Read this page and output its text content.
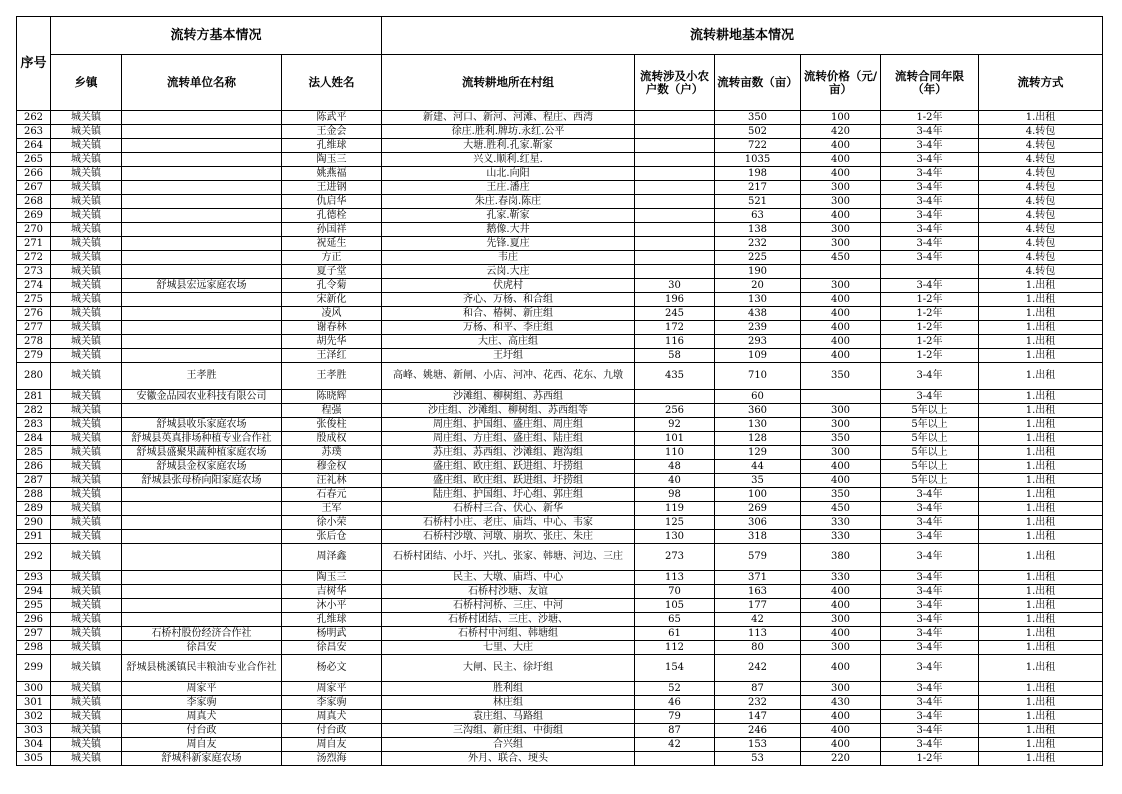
序号	流转方基本情况			流转耕地基本情况					
	乡镇	流转单位名称	法人姓名	流转耕地所在村组	流转涉及小农户数（户）	流转亩数（亩）	流转价格（元/亩）	流转合同年限（年）	流转方式
262	城关镇		陈武平	新建、河口、新河、河滩、程庄、西湾		350	100	1-2年	1.出租
263	城关镇		王金会	徐庄.胜利.牌坊.永红.公平		502	420	3-4年	4.转包
264	城关镇		孔维球	大塘.胜利.孔家.靳家		722	400	3-4年	4.转包
265	城关镇		陶玉三	兴义.顺利.红星.		1035	400	3-4年	4.转包
266	城关镇		姚燕福	山北.向阳		198	400	3-4年	4.转包
267	城关镇		王进钢	王庄.潘庄		217	300	3-4年	4.转包
268	城关镇		仇启华	朱庄.春岗.陈庄		521	300	3-4年	4.转包
269	城关镇		孔德栓	孔家.靳家		63	400	3-4年	4.转包
270	城关镇		孙国祥	鹅像.大井		138	300	3-4年	4.转包
271	城关镇		祝延生	先锋.夏庄		232	300	3-4年	4.转包
272	城关镇		方正	韦庄		225	450	3-4年	4.转包
273	城关镇		夏子堂	云岗.大庄		190			4.转包
274	城关镇	舒城县宏远家庭农场	孔令菊	伏虎村	30	20	300	3-4年	1.出租
275	城关镇		宋新化	齐心、万杨、和合组	196	130	400	1-2年	1.出租
276	城关镇		凌风	和合、椿树、新庄组	245	438	400	1-2年	1.出租
277	城关镇		谢春林	万杨、和平、李庄组	172	239	400	1-2年	1.出租
278	城关镇		胡先华	大庄、高庄组	116	293	400	1-2年	1.出租
279	城关镇		王泽红	王圩组	58	109	400	1-2年	1.出租
280	城关镇	王孝胜	王孝胜	高峰、姚塘、新闸、小店、河冲、花西、花东、九墩	435	710	350	3-4年	1.出租
281	城关镇	安徽金品园农业科技有限公司	陈晓辉	沙滩组、柳树组、苏西组		60		3-4年	1.出租
282	城关镇		程强	沙庄组、沙滩组、柳树组、苏西组等	256	360	300	5年以上	1.出租
283	城关镇	舒城县收乐家庭农场	张俊柱	周庄组、护国组、盛庄组、周庄组	92	130	300	5年以上	1.出租
284	城关镇	舒城县英真排场种植专业合作社	殷成权	周庄组、方庄组、盛庄组、陆庄组	101	128	350	5年以上	1.出租
285	城关镇	舒城县盛聚果蔬种植家庭农场	苏璞	苏庄组、苏西组、沙滩组、跑沟组	110	129	300	5年以上	1.出租
286	城关镇	舒城县金权家庭农场	穆金权	盛庄组、欧庄组、跃进组、圩捞组	48	44	400	5年以上	1.出租
287	城关镇	舒城县张母桥向阳家庭农场	汪礼林	盛庄组、欧庄组、跃进组、圩捞组	40	35	400	5年以上	1.出租
288	城关镇		石春元	陆庄组、护国组、圩心组、郭庄组	98	100	350	3-4年	1.出租
289	城关镇		王军	石桥村三合、伏心、新华	119	269	450	3-4年	1.出租
290	城关镇		徐小荣	石桥村小庄、老庄、庙垱、中心、韦家	125	306	330	3-4年	1.出租
291	城关镇		张后仓	石桥村沙墩、河墩、崩坎、张庄、朱庄	130	318	330	3-4年	1.出租
292	城关镇		周泽鑫	石桥村团结、小圩、兴扎、张家、韩塘、河边、三庄	273	579	380	3-4年	1.出租
293	城关镇		陶玉三	民主、大墩、庙垱、中心	113	371	330	3-4年	1.出租
294	城关镇		吉树华	石桥村沙塘、友谊	70	163	400	3-4年	1.出租
295	城关镇		沐小平	石桥村河桥、三庄、中河	105	177	400	3-4年	1.出租
296	城关镇		孔维球	石桥村团结、三庄、沙塘、	65	42	300	3-4年	1.出租
297	城关镇	石桥村股份经济合作社	杨明武	石桥村中河组、韩塘组	61	113	400	3-4年	1.出租
298	城关镇	徐昌安	徐昌安	七里、大庄	112	80	300	3-4年	1.出租
299	城关镇	舒城县桃溪镇民丰粮油专业合作社	杨必文	大闸、民主、徐圩组	154	242	400	3-4年	1.出租
300	城关镇	周家平	周家平	胜利组	52	87	300	3-4年	1.出租
301	城关镇	李家驹	李家驹	林庄组	46	232	430	3-4年	1.出租
302	城关镇	周真犬	周真犬	袁庄组、马路组	79	147	400	3-4年	1.出租
303	城关镇	付台政	付台政	三沟组、新庄组、中街组	87	246	400	3-4年	1.出租
304	城关镇	周自友	周自友	合兴组	42	153	400	3-4年	1.出租
305	城关镇	舒城科新家庭农场	汤烈海	外月、联合、埂头		53	220	1-2年	1.出租
